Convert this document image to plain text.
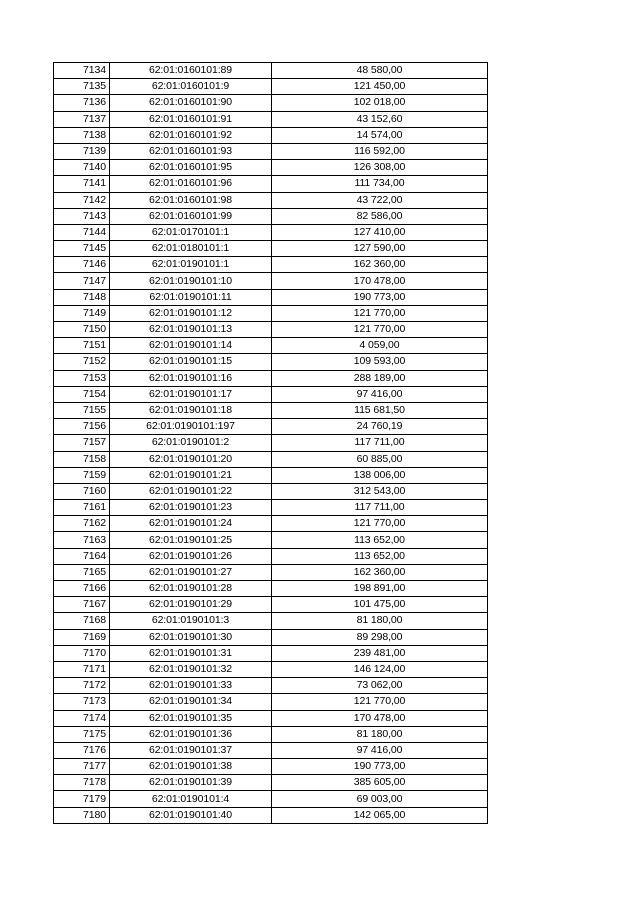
7134	62:01:0160101:89	48 580,00
7135	62:01:0160101:9	121 450,00
7136	62:01:0160101:90	102 018,00
7137	62:01:0160101:91	43 152,60
7138	62:01:0160101:92	14 574,00
7139	62:01:0160101:93	116 592,00
7140	62:01:0160101:95	126 308,00
7141	62:01:0160101:96	111 734,00
7142	62:01:0160101:98	43 722,00
7143	62:01:0160101:99	82 586,00
7144	62:01:0170101:1	127 410,00
7145	62:01:0180101:1	127 590,00
7146	62:01:0190101:1	162 360,00
7147	62:01:0190101:10	170 478,00
7148	62:01:0190101:11	190 773,00
7149	62:01:0190101:12	121 770,00
7150	62:01:0190101:13	121 770,00
7151	62:01:0190101:14	4 059,00
7152	62:01:0190101:15	109 593,00
7153	62:01:0190101:16	288 189,00
7154	62:01:0190101:17	97 416,00
7155	62:01:0190101:18	115 681,50
7156	62:01:0190101:197	24 760,19
7157	62:01:0190101:2	117 711,00
7158	62:01:0190101:20	60 885,00
7159	62:01:0190101:21	138 006,00
7160	62:01:0190101:22	312 543,00
7161	62:01:0190101:23	117 711,00
7162	62:01:0190101:24	121 770,00
7163	62:01:0190101:25	113 652,00
7164	62:01:0190101:26	113 652,00
7165	62:01:0190101:27	162 360,00
7166	62:01:0190101:28	198 891,00
7167	62:01:0190101:29	101 475,00
7168	62:01:0190101:3	81 180,00
7169	62:01:0190101:30	89 298,00
7170	62:01:0190101:31	239 481,00
7171	62:01:0190101:32	146 124,00
7172	62:01:0190101:33	73 062,00
7173	62:01:0190101:34	121 770,00
7174	62:01:0190101:35	170 478,00
7175	62:01:0190101:36	81 180,00
7176	62:01:0190101:37	97 416,00
7177	62:01:0190101:38	190 773,00
7178	62:01:0190101:39	385 605,00
7179	62:01:0190101:4	69 003,00
7180	62:01:0190101:40	142 065,00
